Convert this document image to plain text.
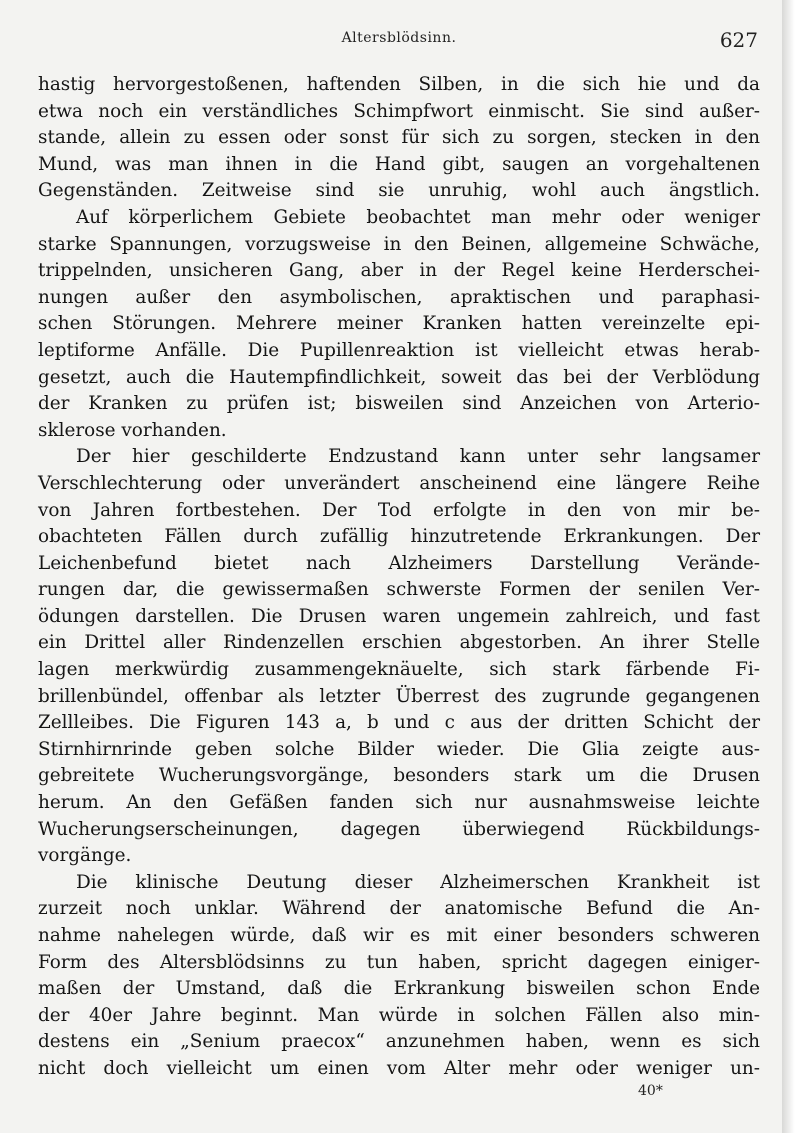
Altersblödsinn.	627
hastig hervorgestoßenen, haftenden Silben, in die sich hie und da
etwa noch ein verständliches Schimpfwort einmischt. Sie sind außer-
stande, allein zu essen oder sonst für sich zu sorgen, stecken in den
Mund, was man ihnen in die Hand gibt, saugen an vorgehaltenen
Gegenständen. Zeitweise sind sie unruhig, wohl auch ängstlich.
Auf körperlichem Gebiete beobachtet man mehr oder weniger
starke Spannungen, vorzugsweise in den Beinen, allgemeine Schwäche,
trippelnden, unsicheren Gang, aber in der Regel keine Herderschei-
nungen außer den asymbolischen, apraktischen und paraphasi-
schen Störungen. Mehrere meiner Kranken hatten vereinzelte epi-
leptiforme Anfälle. Die Pupillenreaktion ist vielleicht etwas herab-
gesetzt, auch die Hautempfindlichkeit, soweit das bei der Verblödung
der Kranken zu prüfen ist; bisweilen sind Anzeichen von Arterio-
sklerose vorhanden.
Der hier geschilderte Endzustand kann unter sehr langsamer
Verschlechterung oder unverändert anscheinend eine längere Reihe
von Jahren fortbestehen. Der Tod erfolgte in den von mir be-
obachteten Fällen durch zufällig hinzutretende Erkrankungen. Der
Leichenbefund bietet nach Alzheimers Darstellung Verände-
rungen dar, die gewissermaßen schwerste Formen der senilen Ver-
ödungen darstellen. Die Drusen waren ungemein zahlreich, und fast
ein Drittel aller Rindenzellen erschien abgestorben. An ihrer Stelle
lagen merkwürdig zusammengeknäuelte, sich stark färbende Fi-
brillenbündel, offenbar als letzter Überrest des zugrunde gegangenen
Zellleibes. Die Figuren 143 a, b und c aus der dritten Schicht der
Stirnhirnrinde geben solche Bilder wieder. Die Glia zeigte aus-
gebreitete Wucherungsvorgänge, besonders stark um die Drusen
herum. An den Gefäßen fanden sich nur ausnahmsweise leichte
Wucherungserscheinungen, dagegen überwiegend Rückbildungs-
vorgänge.
Die klinische Deutung dieser Alzheimerschen Krankheit ist
zurzeit noch unklar. Während der anatomische Befund die An-
nahme nahelegen würde, daß wir es mit einer besonders schweren
Form des Altersblödsinns zu tun haben, spricht dagegen einiger-
maßen der Umstand, daß die Erkrankung bisweilen schon Ende
der 40er Jahre beginnt. Man würde in solchen Fällen also min-
destens ein „Senium praecox“ anzunehmen haben, wenn es sich
nicht doch vielleicht um einen vom Alter mehr oder weniger un-
40*
